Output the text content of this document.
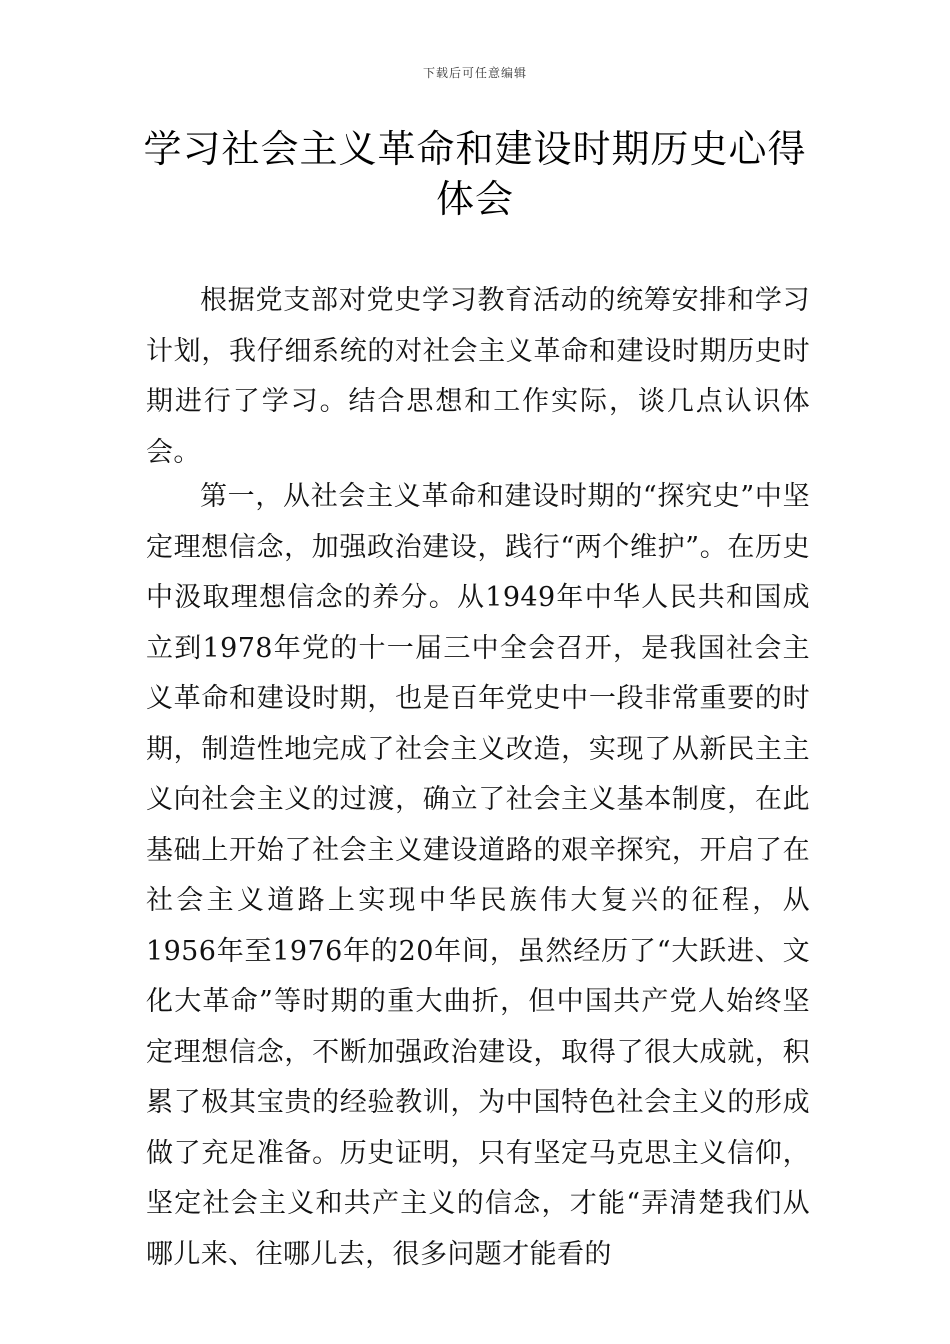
下载后可任意编辑
学习社会主义革命和建设时期历史心得体会

根据党支部对党史学习教育活动的统筹安排和学习计划，我仔细系统的对社会主义革命和建设时期历史时期进行了学习。结合思想和工作实际，谈几点认识体会。

第一，从社会主义革命和建设时期的“探究史”中坚定理想信念，加强政治建设，践行“两个维护”。在历史中汲取理想信念的养分。从1949年中华人民共和国成立到1978年党的十一届三中全会召开，是我国社会主义革命和建设时期，也是百年党史中一段非常重要的时期，制造性地完成了社会主义改造，实现了从新民主主义向社会主义的过渡，确立了社会主义基本制度，在此基础上开始了社会主义建设道路的艰辛探究，开启了在社会主义道路上实现中华民族伟大复兴的征程，从1956年至1976年的20年间，虽然经历了“大跃进、文化大革命”等时期的重大曲折，但中国共产党人始终坚定理想信念，不断加强政治建设，取得了很大成就，积累了极其宝贵的经验教训，为中国特色社会主义的形成做了充足准备。历史证明，只有坚定马克思主义信仰，坚定社会主义和共产主义的信念，才能“弄清楚我们从哪儿来、往哪儿去，很多问题才能看的
